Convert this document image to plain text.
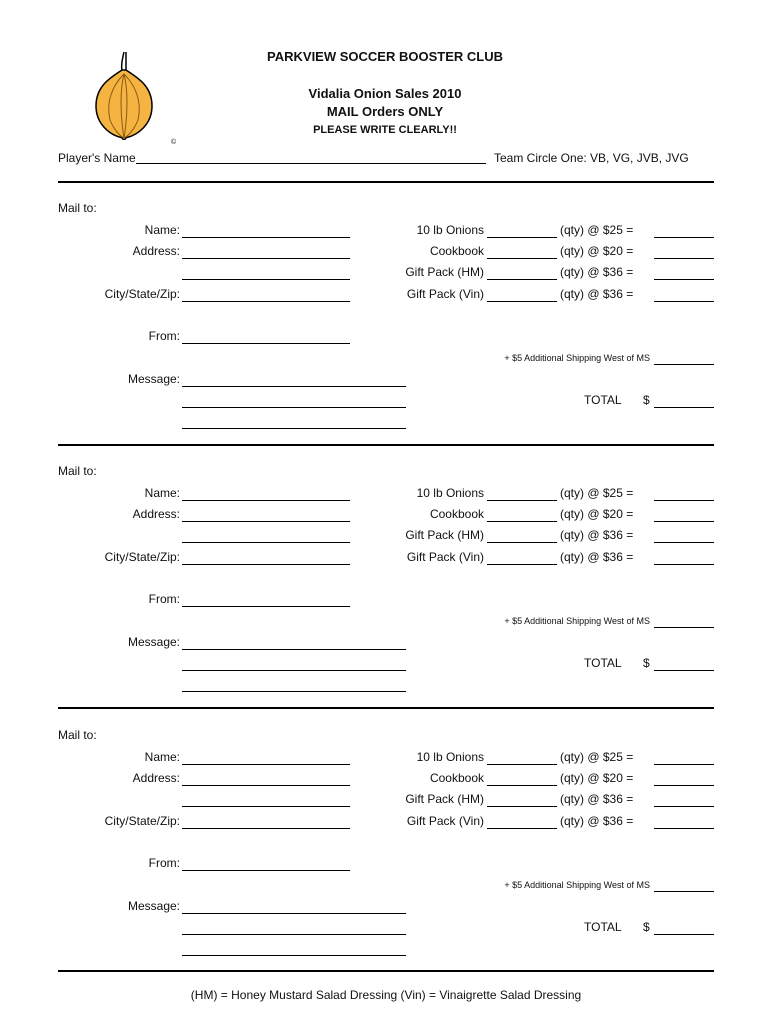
©
PARKVIEW SOCCER BOOSTER CLUB
Vidalia Onion Sales 2010
MAIL Orders ONLY
PLEASE WRITE CLEARLY!!
Player's Name	Team Circle One: VB, VG, JVB, JVG
Mail to:
Name:
Address:
City/State/Zip:
From:
Message:
10 lb Onions	(qty) @ $25 =
Cookbook	(qty) @ $20 =
Gift Pack (HM)	(qty) @ $36 =
Gift Pack (Vin)	(qty) @ $36 =
+ $5 Additional Shipping West of MS
TOTAL $
Mail to:
Name:
Address:
City/State/Zip:
From:
Message:
10 lb Onions	(qty) @ $25 =
Cookbook	(qty) @ $20 =
Gift Pack (HM)	(qty) @ $36 =
Gift Pack (Vin)	(qty) @ $36 =
+ $5 Additional Shipping West of MS
TOTAL $
Mail to:
Name:
Address:
City/State/Zip:
From:
Message:
10 lb Onions	(qty) @ $25 =
Cookbook	(qty) @ $20 =
Gift Pack (HM)	(qty) @ $36 =
Gift Pack (Vin)	(qty) @ $36 =
+ $5 Additional Shipping West of MS
TOTAL $
(HM) = Honey Mustard Salad Dressing (Vin) = Vinaigrette Salad Dressing
